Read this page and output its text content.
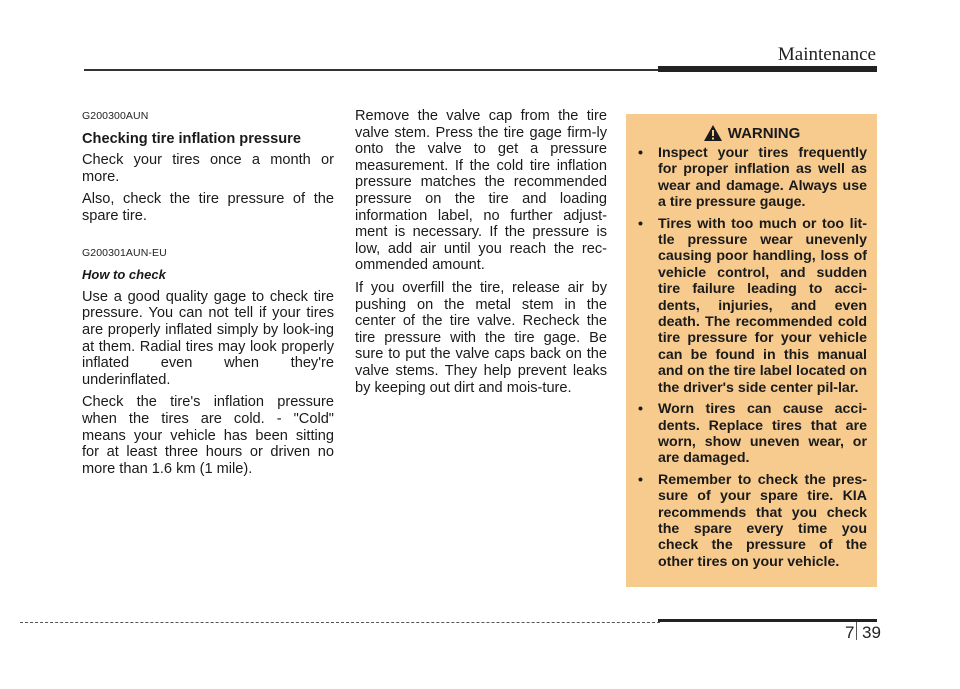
Maintenance
G200300AUN
Checking tire inflation pressure

Check your tires once a month or more.

Also, check the tire pressure of the spare tire.

G200301AUN-EU
How to check

Use a good quality gage to check tire pressure. You can not tell if your tires are properly inflated simply by look-ing at them. Radial tires may look properly inflated even when they're underinflated.

Check the tire's inflation pressure when the tires are cold. - "Cold" means your vehicle has been sitting for at least three hours or driven no more than 1.6 km (1 mile).

Remove the valve cap from the tire valve stem. Press the tire gage firm-ly onto the valve to get a pressure measurement. If the cold tire inflation pressure matches the recommended pressure on the tire and loading information label, no further adjust-ment is necessary. If the pressure is low, add air until you reach the rec-ommended amount.

If you overfill the tire, release air by pushing on the metal stem in the center of the tire valve. Recheck the tire pressure with the tire gage. Be sure to put the valve caps back on the valve stems. They help prevent leaks by keeping out dirt and mois-ture.

WARNING
• Inspect your tires frequently for proper inflation as well as wear and damage. Always use a tire pressure gauge.
• Tires with too much or too lit-tle pressure wear unevenly causing poor handling, loss of vehicle control, and sudden tire failure leading to acci-dents, injuries, and even death. The recommended cold tire pressure for your vehicle can be found in this manual and on the tire label located on the driver's side center pil-lar.
• Worn tires can cause acci-dents. Replace tires that are worn, show uneven wear, or are damaged.
• Remember to check the pres-sure of your spare tire. KIA recommends that you check the spare every time you check the pressure of the other tires on your vehicle.
7 39
